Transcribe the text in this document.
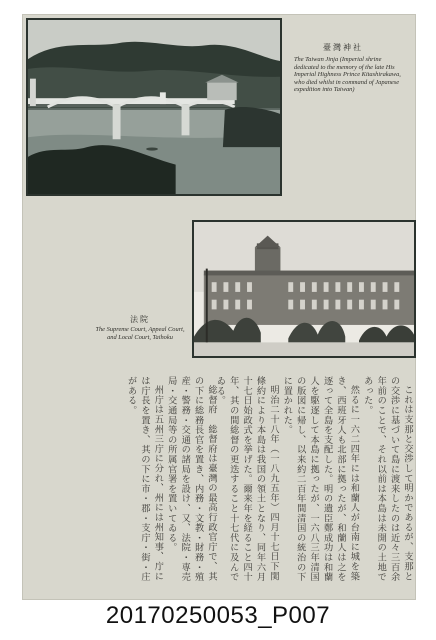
臺灣神社
The Taiwan Jinja (Imperial shrine dedicated to the memory of the late His Imperial Highness Prince Kitashirakawa, who died whilst in command of Japanese expedition into Taiwan)
法院
The Supreme Court, Appeal Court, and Local Court, Taihoku

これは支那と交渉して明かであるが、支那との交渉に基づいて島に渡来したのは近々三百余年前のことで、それ以前は本島は未開の土地であった。

然るに一六二四年には和蘭人が台南に城を築き、西班牙人も北部に拠ったが、和蘭人は之を逐って全島を支配した。明の遺臣鄭成功は和蘭人を駆逐して本島に拠ったが、一六八三年清国の版図に帰し、以来約二百年間清国の統治の下に置かれた。

明治二十八年（一八九五年）四月十七日下関條約により本島は我国の領土となり、同年六月十七日始政式を挙げた。爾来年を経ること四十年、其の間総督の更迭すること十七代に及んでゐる。

総督府　総督府は臺灣の最高行政官庁で、其の下に総務長官を置き、内務・文教・財務・殖産・警務・交通の諸局を設け、又、法院・専売局・交通局等の所属官署を置いてゐる。

州庁は五州三庁に分れ、州には州知事、庁には庁長を置き、其の下に市・郡・支庁・街・庄がある。

20170250053_P007
